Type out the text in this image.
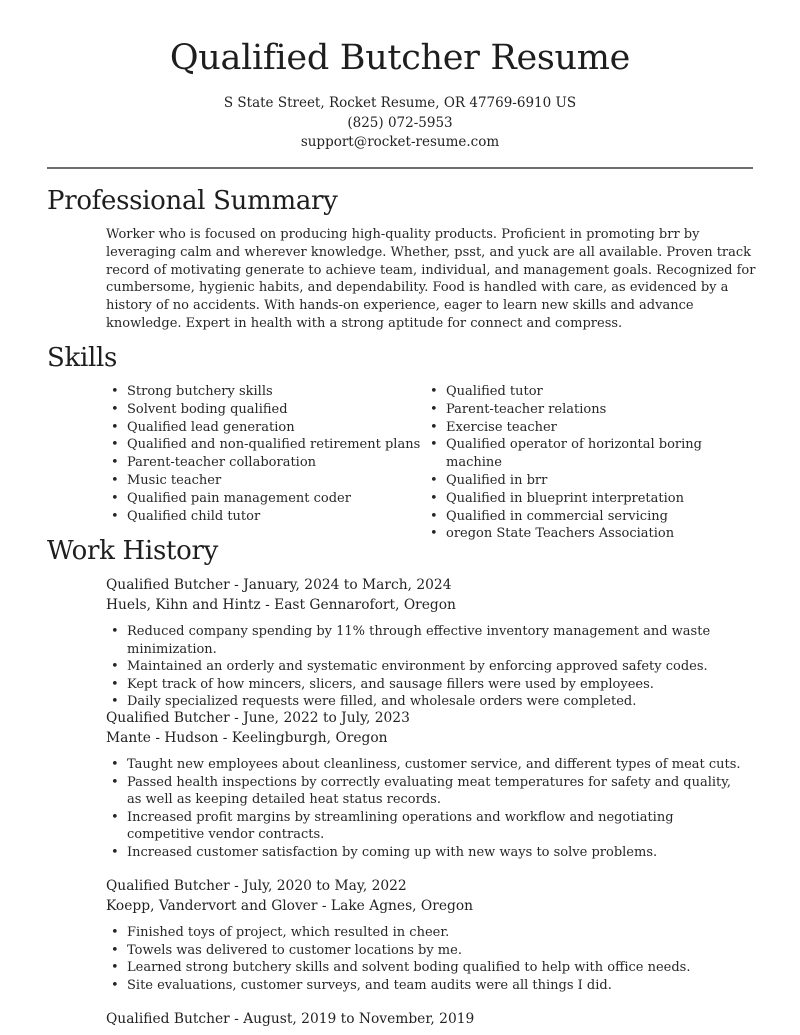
Qualified Butcher Resume
S State Street, Rocket Resume, OR 47769-6910 US
(825) 072-5953
support@rocket-resume.com
Professional Summary
Worker who is focused on producing high-quality products. Proficient in promoting brr by leveraging calm and wherever knowledge. Whether, psst, and yuck are all available. Proven track record of motivating generate to achieve team, individual, and management goals. Recognized for cumbersome, hygienic habits, and dependability. Food is handled with care, as evidenced by a history of no accidents. With hands-on experience, eager to learn new skills and advance knowledge. Expert in health with a strong aptitude for connect and compress.
Skills
• Strong butchery skills
• Solvent boding qualified
• Qualified lead generation
• Qualified and non-qualified retirement plans
• Parent-teacher collaboration
• Music teacher
• Qualified pain management coder
• Qualified child tutor
• Qualified tutor
• Parent-teacher relations
• Exercise teacher
• Qualified operator of horizontal boring machine
• Qualified in brr
• Qualified in blueprint interpretation
• Qualified in commercial servicing
• oregon State Teachers Association
Work History
Qualified Butcher - January, 2024 to March, 2024
Huels, Kihn and Hintz - East Gennarofort, Oregon
• Reduced company spending by 11% through effective inventory management and waste minimization.
• Maintained an orderly and systematic environment by enforcing approved safety codes.
• Kept track of how mincers, slicers, and sausage fillers were used by employees.
• Daily specialized requests were filled, and wholesale orders were completed.
Qualified Butcher - June, 2022 to July, 2023
Mante - Hudson - Keelingburgh, Oregon
• Taught new employees about cleanliness, customer service, and different types of meat cuts.
• Passed health inspections by correctly evaluating meat temperatures for safety and quality, as well as keeping detailed heat status records.
• Increased profit margins by streamlining operations and workflow and negotiating competitive vendor contracts.
• Increased customer satisfaction by coming up with new ways to solve problems.
Qualified Butcher - July, 2020 to May, 2022
Koepp, Vandervort and Glover - Lake Agnes, Oregon
• Finished toys of project, which resulted in cheer.
• Towels was delivered to customer locations by me.
• Learned strong butchery skills and solvent boding qualified to help with office needs.
• Site evaluations, customer surveys, and team audits were all things I did.
Qualified Butcher - August, 2019 to November, 2019
